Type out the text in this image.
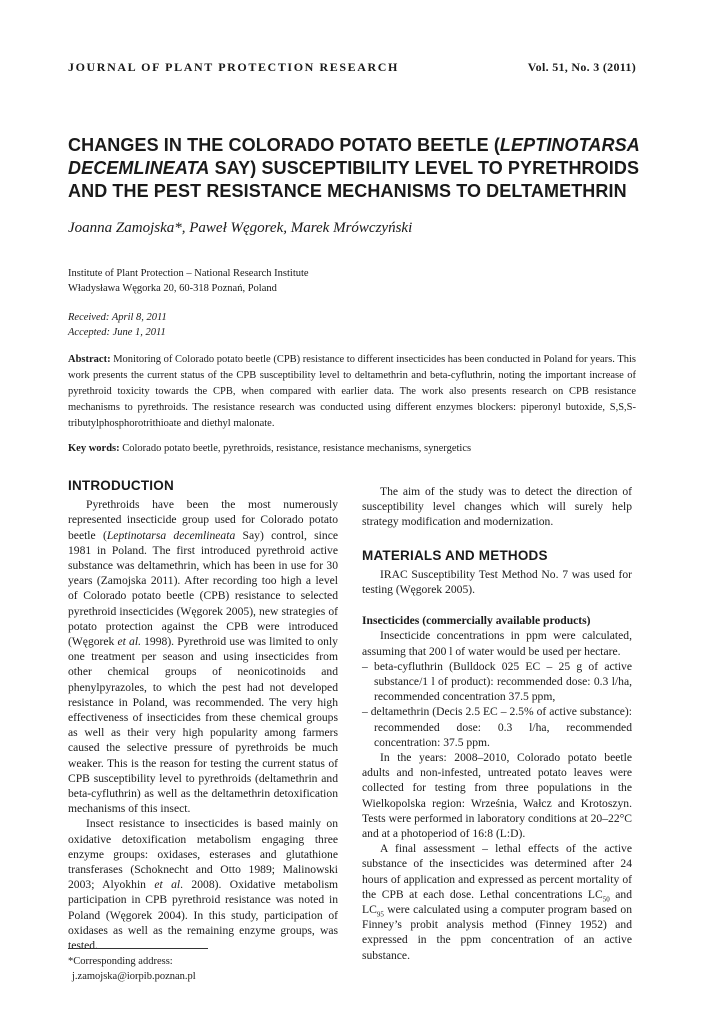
JOURNAL OF PLANT PROTECTION RESEARCH	Vol. 51, No. 3 (2011)
CHANGES IN THE COLORADO POTATO BEETLE (LEPTINOTARSA DECEMLINEATA SAY) SUSCEPTIBILITY LEVEL TO PYRETHROIDS AND THE PEST RESISTANCE MECHANISMS TO DELTAMETHRIN
Joanna Zamojska*, Paweł Węgorek, Marek Mrówczyński
Institute of Plant Protection – National Research Institute
Władysława Węgorka 20, 60-318 Poznań, Poland
Received: April 8, 2011
Accepted: June 1, 2011

Abstract: Monitoring of Colorado potato beetle (CPB) resistance to different insecticides has been conducted in Poland for years. This work presents the current status of the CPB susceptibility level to deltamethrin and beta-cyfluthrin, noting the important increase of pyrethroid toxicity towards the CPB, when compared with earlier data. The work also presents research on CPB resistance mechanisms to pyrethroids. The resistance research was conducted using different enzymes blockers: piperonyl butoxide, S,S,S-tributylphosphorotrithioate and diethyl malonate.

Key words: Colorado potato beetle, pyrethroids, resistance, resistance mechanisms, synergetics

INTRODUCTION

Pyrethroids have been the most numerously represented insecticide group used for Colorado potato beetle (Leptinotarsa decemlineata Say) control, since 1981 in Poland. The first introduced pyrethroid active substance was deltamethrin, which has been in use for 30 years (Zamojska 2011). After recording too high a level of Colorado potato beetle (CPB) resistance to selected pyrethroid insecticides (Węgorek 2005), new strategies of potato protection against the CPB were introduced (Węgorek et al. 1998). Pyrethroid use was limited to only one treatment per season and using insecticides from other chemical groups of neonicotinoids and phenylpyrazoles, to which the pest had not developed resistance in Poland, was recommended. The very high effectiveness of insecticides from these chemical groups as well as their very high popularity among farmers caused the selective pressure of pyrethroids be much weaker. This is the reason for testing the current status of CPB susceptibility level to pyrethroids (deltamethrin and beta-cyfluthrin) as well as the deltamethrin detoxification mechanisms of this insect.

Insect resistance to insecticides is based mainly on oxidative detoxification metabolism engaging three enzyme groups: oxidases, esterases and glutathione transferases (Schoknecht and Otto 1989; Malinowski 2003; Alyokhin et al. 2008). Oxidative metabolism participation in CPB pyrethroid resistance was noted in Poland (Węgorek 2004). In this study, participation of oxidases as well as the remaining enzyme groups, was tested.

The aim of the study was to detect the direction of susceptibility level changes which will surely help strategy modification and modernization.

MATERIALS AND METHODS

IRAC Susceptibility Test Method No. 7 was used for testing (Węgorek 2005).

Insecticides (commercially available products)

Insecticide concentrations in ppm were calculated, assuming that 200 l of water would be used per hectare.

– beta-cyfluthrin (Bulldock 025 EC – 25 g of active substance/1 l of product): recommended dose: 0.3 l/ha, recommended concentration 37.5 ppm,
– deltamethrin (Decis 2.5 EC – 2.5% of active substance): recommended dose: 0.3 l/ha, recommended concentration: 37.5 ppm.

In the years: 2008–2010, Colorado potato beetle adults and non-infested, untreated potato leaves were collected for testing from three populations in the Wielkopolska region: Września, Wałcz and Krotoszyn. Tests were performed in laboratory conditions at 20–22°C and at a photoperiod of 16:8 (L:D).

A final assessment – lethal effects of the active substance of the insecticides was determined after 24 hours of application and expressed as percent mortality of the CPB at each dose. Lethal concentrations $LC_{50}$ and $LC_{95}$ were calculated using a computer program based on Finney’s probit analysis method (Finney 1952) and expressed in the ppm concentration of an active substance.

*Corresponding address:
j.zamojska@iorpib.poznan.pl
